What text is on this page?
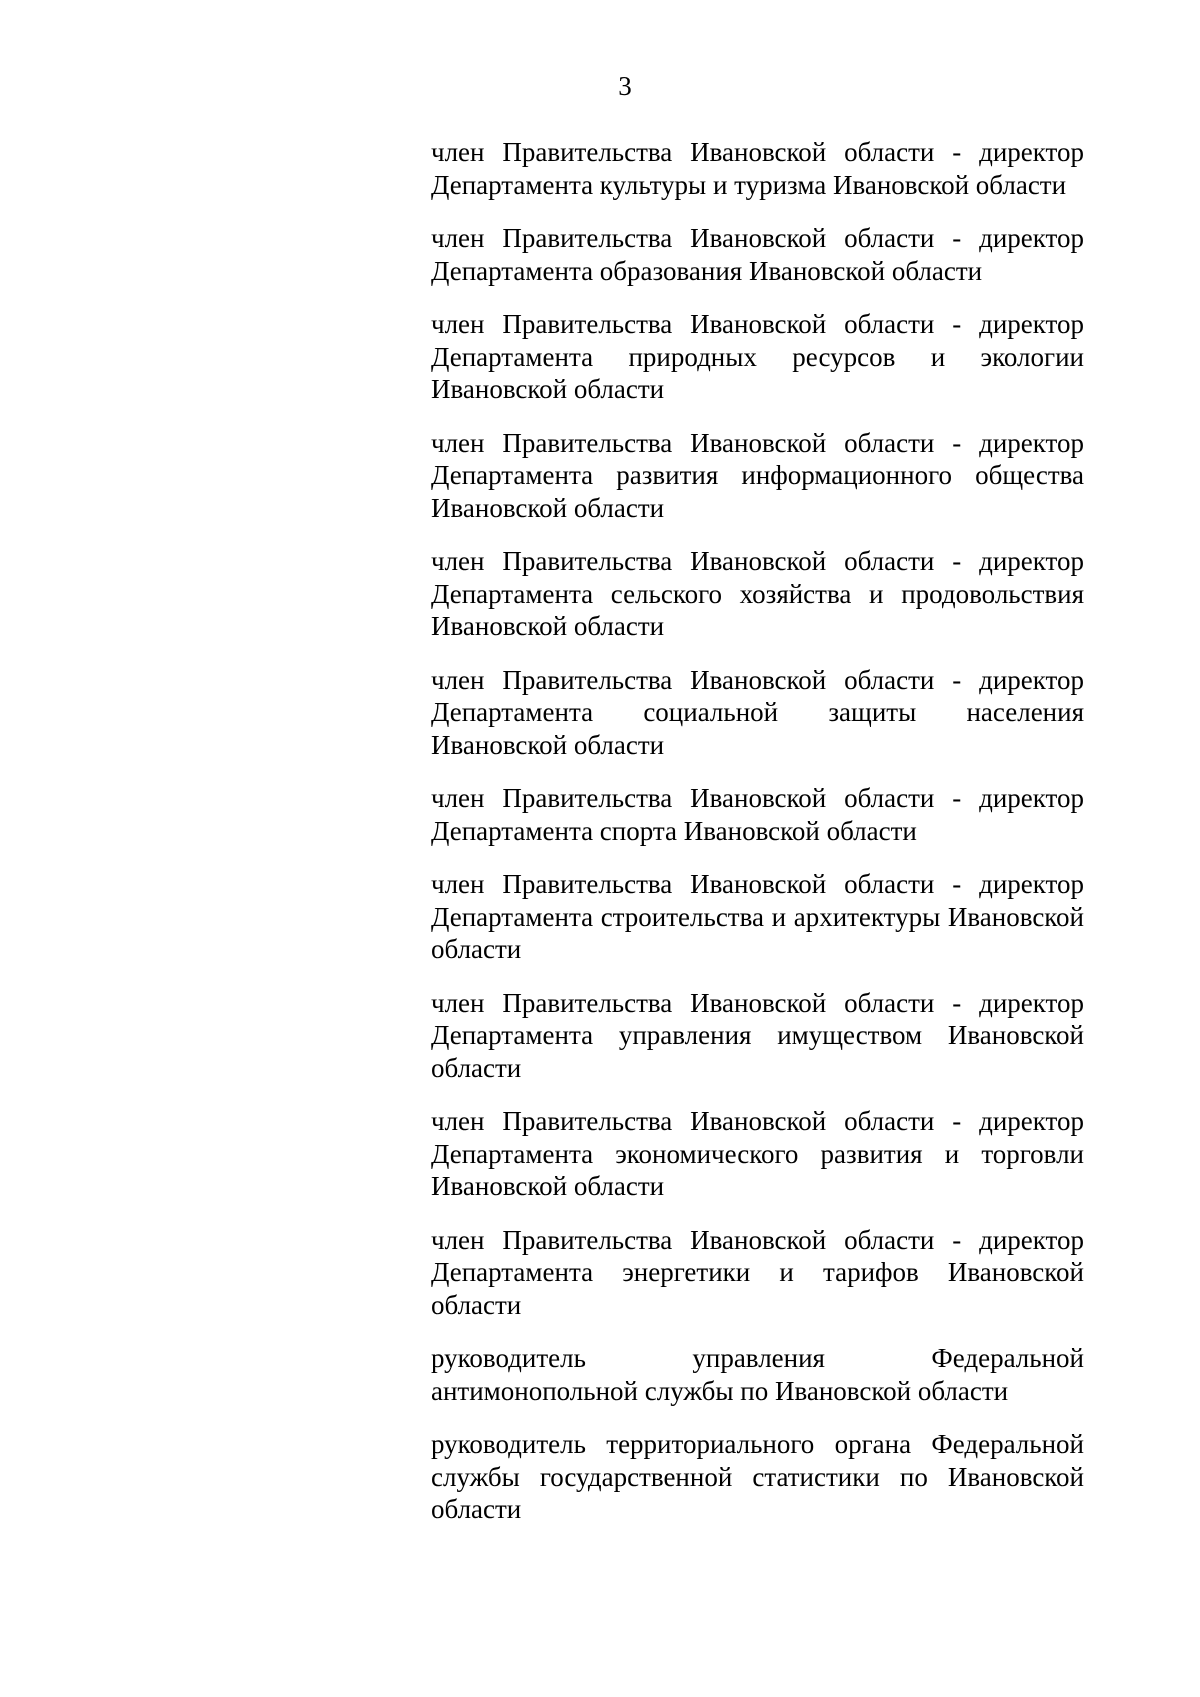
3

член Правительства Ивановской области - директор Департамента культуры и туризма Ивановской области

член Правительства Ивановской области - директор Департамента образования Ивановской области

член Правительства Ивановской области - директор Департамента природных ресурсов и экологии Ивановской области

член Правительства Ивановской области - директор Департамента развития информационного общества Ивановской области

член Правительства Ивановской области - директор Департамента сельского хозяйства и продовольствия Ивановской области

член Правительства Ивановской области - директор Департамента социальной защиты населения Ивановской области

член Правительства Ивановской области - директор Департамента спорта Ивановской области

член Правительства Ивановской области - директор Департамента строительства и архитектуры Ивановской области

член Правительства Ивановской области - директор Департамента управления имуществом Ивановской области

член Правительства Ивановской области - директор Департамента экономического развития и торговли Ивановской области

член Правительства Ивановской области - директор Департамента энергетики и тарифов Ивановской области

руководитель управления Федеральной антимонопольной службы по Ивановской области

руководитель территориального органа Федеральной службы государственной статистики по Ивановской области
